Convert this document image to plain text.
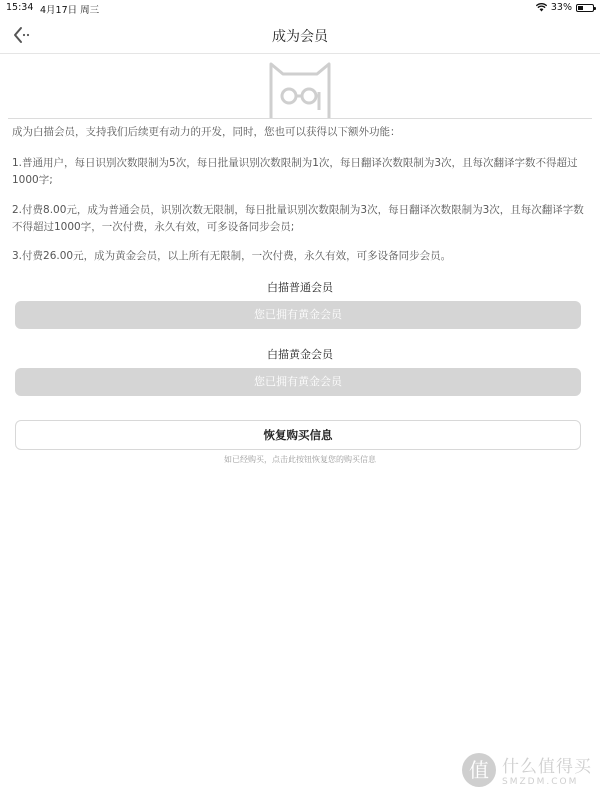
15:34 4月17日 周三	33%
成为会员
成为白描会员，支持我们后续更有动力的开发，同时，您也可以获得以下额外功能：
1.普通用户，每日识别次数限制为5次，每日批量识别次数限制为1次，每日翻译次数限制为3次，且每次翻译字数不得超过1000字;
2.付费8.00元，成为普通会员，识别次数无限制，每日批量识别次数限制为3次，每日翻译次数限制为3次，且每次翻译字数不得超过1000字，一次付费，永久有效，可多设备同步会员;
3.付费26.00元，成为黄金会员，以上所有无限制，一次付费，永久有效，可多设备同步会员。
白描普通会员
您已拥有黄金会员
白描黄金会员
您已拥有黄金会员
恢复购买信息
如已经购买，点击此按钮恢复您的购买信息
值 什么值得买
SMZDM.COM
